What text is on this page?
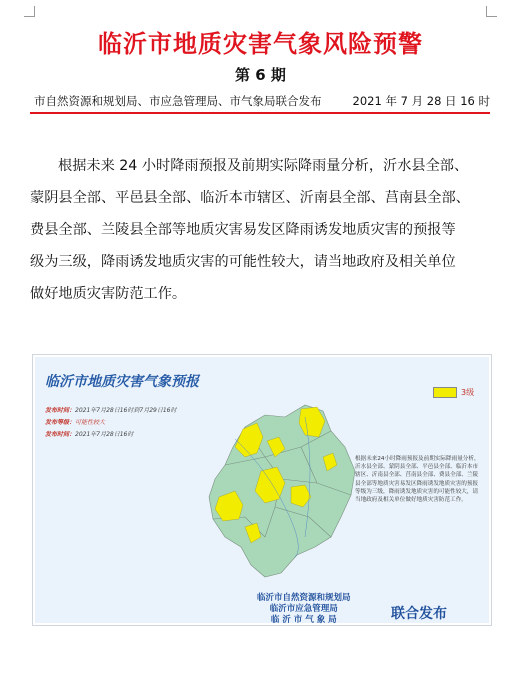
临沂市地质灾害气象风险预警
第 6 期
市自然资源和规划局、市应急管理局、市气象局联合发布	2021 年 7 月 28 日 16 时
根据未来 24 小时降雨预报及前期实际降雨量分析，沂水县全部、
蒙阴县全部、平邑县全部、临沂本市辖区、沂南县全部、莒南县全部、
费县全部、兰陵县全部等地质灾害易发区降雨诱发地质灾害的预报等
级为三级，降雨诱发地质灾害的可能性较大，请当地政府及相关单位
做好地质灾害防范工作。
临沂市地质灾害气象预报
发布时间：2021年7月28日16时到7月29日16时
发布等级：可能性较大
发布时间：2021年7月28日16时
3级
根据未来24小时降雨预报及前期实际降雨量分析，沂水县全部、蒙阴县全部、平邑县全部、临沂本市辖区、沂南县全部、莒南县全部、费县全部、兰陵县全部等地质灾害易发区降雨诱发地质灾害的预报等级为三级，降雨诱发地质灾害的可能性较大，请当地政府及相关单位做好地质灾害防范工作。
临沂市自然资源和规划局
临沂市应急管理局
临 沂 市 气 象 局	联合发布
